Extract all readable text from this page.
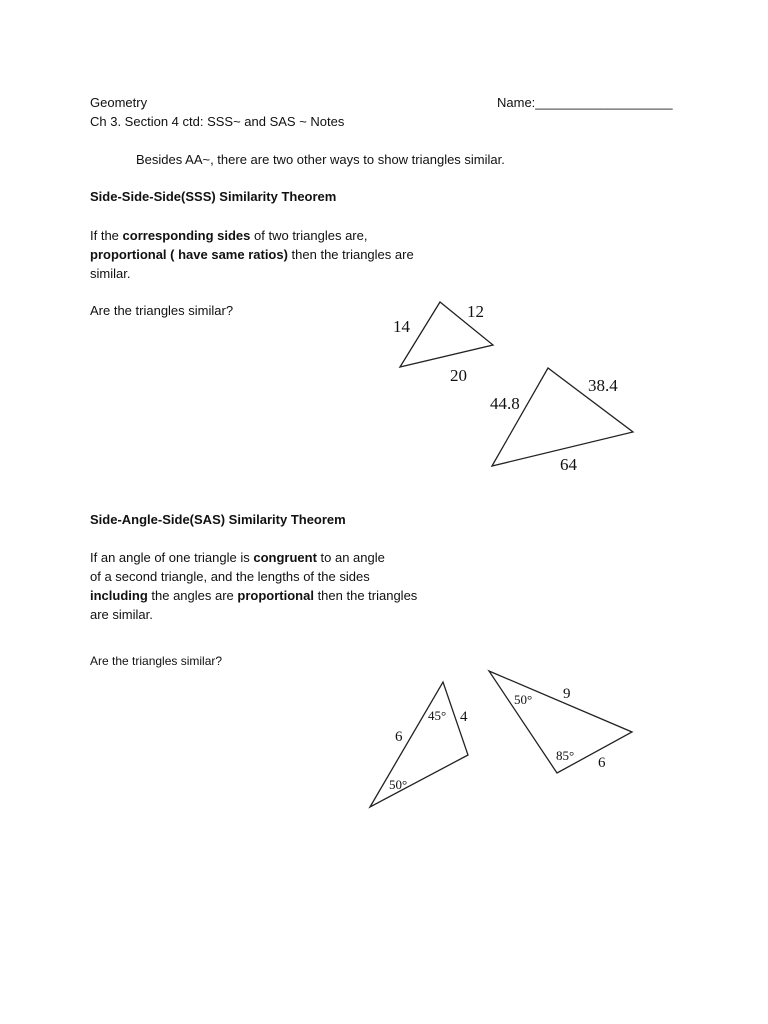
Geometry
Ch 3. Section 4 ctd: SSS~ and SAS ~ Notes
Name:___________________
Besides AA~, there are two other ways to show triangles similar.
Side-Side-Side(SSS) Similarity Theorem
If the corresponding sides of two triangles are,
proportional ( have same ratios) then the triangles are
similar.
Are the triangles similar?
14
12
20
44.8
38.4
64
Side-Angle-Side(SAS) Similarity Theorem
If an angle of one triangle is congruent to an angle
of a second triangle, and the lengths of the sides
including the angles are proportional then the triangles
are similar.
Are the triangles similar?
6
4
45°
50°
9
6
50°
85°
